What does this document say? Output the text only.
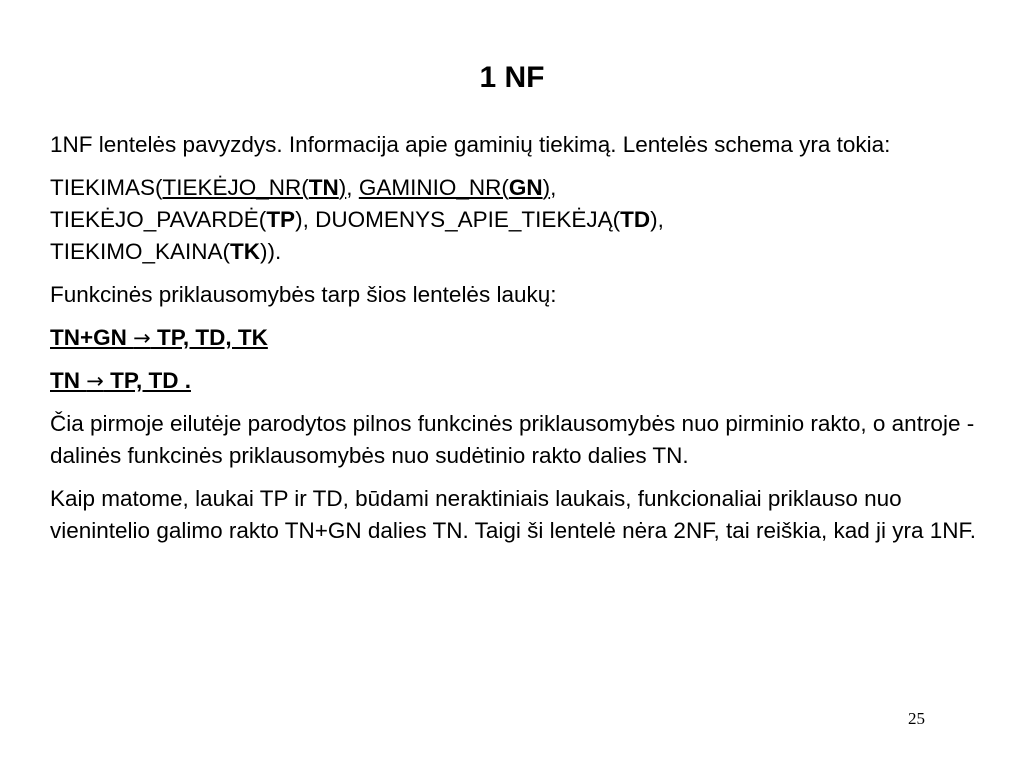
1 NF

1NF lentelės pavyzdys. Informacija apie gaminių tiekimą. Lentelės schema yra tokia:

TIEKIMAS(TIEKĖJO_NR(TN), GAMINIO_NR(GN),
TIEKĖJO_PAVARDĖ(TP), DUOMENYS_APIE_TIEKĖJĄ(TD),
TIEKIMO_KAINA(TK)).

Funkcinės priklausomybės tarp šios lentelės laukų:

TN+GN → TP, TD, TK

TN → TP, TD .

Čia pirmoje eilutėje parodytos pilnos funkcinės priklausomybės nuo pirminio rakto, o antroje - dalinės funkcinės priklausomybės nuo sudėtinio rakto dalies TN.

Kaip matome, laukai TP ir TD, būdami neraktiniais laukais, funkcionaliai priklauso nuo vienintelio galimo rakto TN+GN dalies TN. Taigi ši lentelė nėra 2NF, tai reiškia, kad ji yra 1NF.

25
